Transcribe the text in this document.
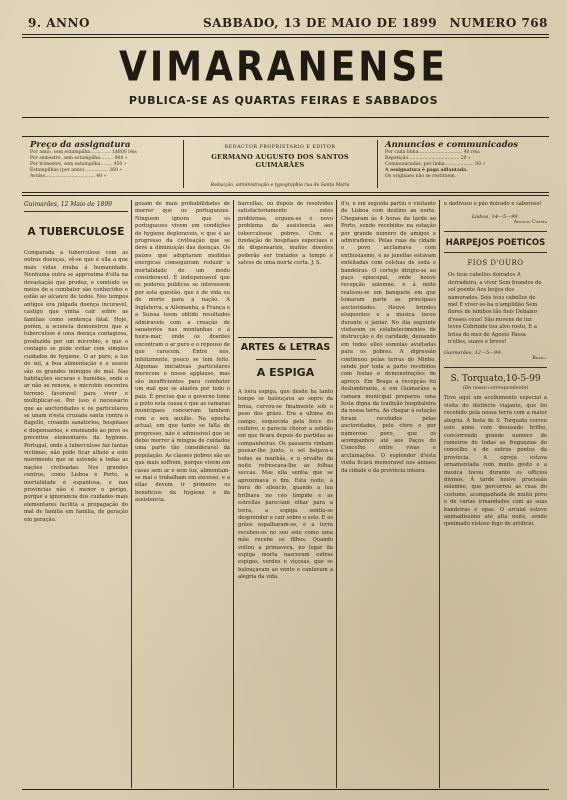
9. ANNO	SABBADO, 13 DE MAIO DE 1899 NUMERO 768
VIMARANENSE
PUBLICA-SE AS QUARTAS FEIRAS E SABBADOS
Preço da assignatura
Por anno, sem estampilha.............. 1$800 réis
Por semestre, sem estampilha......... 900 »
Por trimestre, sem estampilha........ 450 »
Estampilhas (por anno)................ 360 »
Avulso.................................. 40 »
REDACTOR PROPRIETARIO E EDITOR
GERMANO AUGUSTO DOS SANTOS GUIMARÃES
Redacção, administração e typographia rua de Santa Maria
Annuncios e communicados
Por cada linha.............................. 40 réis
Repetição................................... 20 »
Communicados, por linha.................... 60 »
A assignatura é paga adiantada.
Os originaes não se restituem.
Guimarães, 12 Maio de 1899
A TUBERCULOSE
Comparada a tuberculose com as outras doenças, vê-se que é ella a que mais vidas rouba á humanidade. Nenhuma outra se approxima d'ella na devastação que produz, e comtudo os meios de a combater são conhecidos e estão ao alcance de todos. Nos tempos antigos era julgada doença incuravel, castigo que vinha cair sobre as familias como sentença fatal. Hoje, porém, a sciencia demonstrou que a tuberculose é uma doença contagiosa, produzida por um microbio, e que o contagio se póde evitar com simples cuidados de hygiene. O ar puro, a luz do sol, a boa alimentação e o asseio são os grandes inimigos do mal. Nas habitações escuras e humidas, onde o ar não se renova, o microbio encontra terreno favoravel para viver e multiplicar-se. Por isso é necessario que as auctoridades e os particulares se unam n'esta cruzada santa contra o flagello, creando sanatorios, hospitaes e dispensarios, e ensinando ao povo os preceitos elementares da hygiene. Portugal, onde a tuberculose faz tantas victimas, não póde ficar alheio a este movimento que se estende a todas as nações civilisadas. Nos grandes centros, como Lisboa e Porto, a mortalidade é espantosa, e nas provincias não é menor o perigo, porque a ignorancia dos cuidados mais elementares facilita a propagação do mal de familia em familia, de geração em geração.
gosam de mais probabilidades de morrer que os portuguezes. Ninguem ignora que os portuguezes vivem em condições de hygiene deploraveis, e que é ao progresso da civilisação que se deve a diminuição das doenças. Os paizes que adoptaram medidas energicas conseguiram reduzir a mortalidade de um modo consideravel. É indispensavel que os poderes publicos se interessem por esta questão, que é de vida ou de morte para a nação. A Inglaterra, a Allemanha, a França e a Suissa teem obtido resultados admiraveis com a creação de sanatorios nas montanhas e á beira-mar, onde os doentes encontram o ar puro e o repouso de que carecem. Entre nós, infelizmente, pouco se tem feito. Algumas iniciativas particulares merecem o nosso applauso, mas são insufficientes para combater um mal que se alastra por todo o paiz. É preciso que o governo tome a peito esta causa e que as camaras municipaes concorram tambem com o seu auxilio. Na epocha actual, em que tanto se falla de progresso, não é admissivel que se deixe morrer á mingua de cuidados uma parte tão consideravel da população. As classes pobres são as que mais soffrem, porque vivem em casas sem ar e sem luz, alimentam-se mal e trabalham em excesso, e a ellas devem ir primeiro os beneficios da hygiene e da assistencia.
barcellas, ou depois de resolvidos satisfactoriamente estes problemas, ergueu-se o novo problema da assistencia aos tuberculosos pobres. Com a fundação de hospitaes especiaes e de dispensarios, muitos doentes poderão ser tratados a tempo e salvos de uma morte certa. J. S.
ARTES & LETRAS
A ESPIGA
A loira espiga, que desde ha tanto tempo se balouçava ao sopro da brisa, curvou-se finalmente sob o peso dos grãos. Era a ultima do campo, esquecida pela foice do ceifeiro, e parecia chorar a solidão em que ficara depois de partidas as companheiras. Os passaros vinham pousar-lhe junto, o sol beijava-a todas as manhãs, e o orvalho da noite refrescava-lhe as folhas seccas. Mas ella sentia que se aproximava o fim. Esta noite, á hora do silencio, quando a lua brilhava no céo limpido e as estrellas pareciam olhar para a terra, a espiga sentiu-se desprender e cair sobre o solo. E os grãos espalharam-se, e a terra recebeu-os no seu seio como uma mãe recebe os filhos. Quando voltou a primavera, no logar da espiga morta nasceram outras espigas, verdes e viçosas, que se balouçavam ao vento e cantavam a alegria da vida.
d'o, e em seguida partiu o visitante de Lisboa com destino ao norte. Chegaram ás 4 horas da tarde ao Porto, sendo recebidos na estação por grande numero de amigos e admiradores. Pelas ruas da cidade o povo acclamava com enthusiasmo, e as janellas estavam enfeitadas com colchas de seda e bandeiras. O cortejo dirigiu-se ao paço episcopal, onde houve recepção solemne, e á noite realisou-se um banquete em que tomaram parte as principaes auctoridades. Houve brindes eloquentes e a musica tocou durante o jantar. No dia seguinte visitaram os estabelecimentos de instrucção e de caridade, deixando em todos elles esmolas avultadas para os pobres. A digressão continuou pelas terras do Minho, sendo por toda a parte recebidos com festas e demonstrações de apreço. Em Braga a recepção foi deslumbrante, e em Guimarães a camara municipal preparou uma festa digna da tradição hospitaleira da nossa terra. Ao chegar á estação foram recebidos pelas auctoridades, pelo clero e por numeroso povo, que os acompanhou até aos Paços do Concelho entre vivas e acclamações. O esplendor d'esta visita ficará memoravel nos annaes da cidade e da provincia inteira.
e dadivoso o pão doirado e saboroso!
Lisboa, 14—5—99.
Antonio Corrêa
HARPEJOS POETICOS
FIOS D'OURO
Os teus cabellos doirados A derradeira, a viver Sem brandos de sol poente Aos beijos dos namorados. Sois teus cabellos de mel E viver-se-ha n'amplidão Sem flores de nimbos tão fieis Debaixo d'esses céus! São nuvens de luz leves Cobrindo teu alvo rosto, E a brisa do mez de Agosto Passa n'elles, suave e breve!
Guimarães, 12—5—99.
Brasil.
S. Torquato,10-5-99
(Do nosso correspondente)
Teve aqui um acolhimento especial a visita do distincto viajante, que foi recebido pela nossa terra com a maior alegria. A festa de S. Torquato correu este anno com desusado brilho, concorrendo grande numero de romeiros de todas as freguezias do concelho e de outros pontos da provincia. A egreja estava ornamentada com muito gosto e a musica tocou durante os officios divinos. Á tarde houve procissão solemne, que percorreu as ruas do costume, acompanhada de muito povo e de varias irmandades com as suas bandeiras e opas. O arraial esteve animadissimo até alta noite, sendo queimado vistoso fogo de artificio.
